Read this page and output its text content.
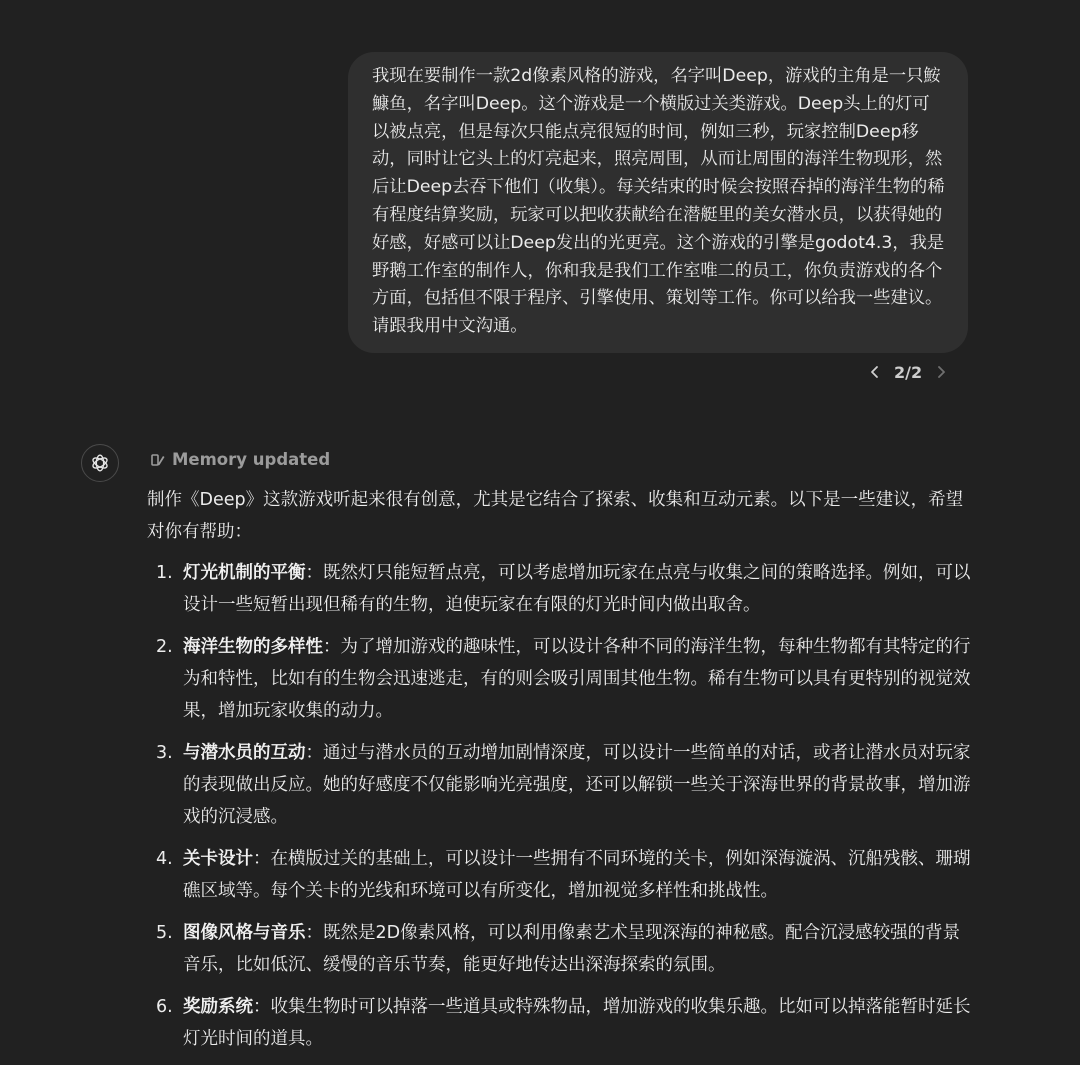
我现在要制作一款2d像素风格的游戏，名字叫Deep，游戏的主角是一只鮟鱇鱼，名字叫Deep。这个游戏是一个横版过关类游戏。Deep头上的灯可以被点亮，但是每次只能点亮很短的时间，例如三秒，玩家控制Deep移动，同时让它头上的灯亮起来，照亮周围，从而让周围的海洋生物现形，然后让Deep去吞下他们（收集）。每关结束的时候会按照吞掉的海洋生物的稀有程度结算奖励，玩家可以把收获献给在潜艇里的美女潜水员，以获得她的好感，好感可以让Deep发出的光更亮。这个游戏的引擎是godot4.3，我是野鹅工作室的制作人，你和我是我们工作室唯二的员工，你负责游戏的各个方面，包括但不限于程序、引擎使用、策划等工作。你可以给我一些建议。请跟我用中文沟通。
2/2
Memory updated

制作《Deep》这款游戏听起来很有创意，尤其是它结合了探索、收集和互动元素。以下是一些建议，希望对你有帮助：

1. 灯光机制的平衡：既然灯只能短暂点亮，可以考虑增加玩家在点亮与收集之间的策略选择。例如，可以设计一些短暂出现但稀有的生物，迫使玩家在有限的灯光时间内做出取舍。
2. 海洋生物的多样性：为了增加游戏的趣味性，可以设计各种不同的海洋生物，每种生物都有其特定的行为和特性，比如有的生物会迅速逃走，有的则会吸引周围其他生物。稀有生物可以具有更特别的视觉效果，增加玩家收集的动力。
3. 与潜水员的互动：通过与潜水员的互动增加剧情深度，可以设计一些简单的对话，或者让潜水员对玩家的表现做出反应。她的好感度不仅能影响光亮强度，还可以解锁一些关于深海世界的背景故事，增加游戏的沉浸感。
4. 关卡设计：在横版过关的基础上，可以设计一些拥有不同环境的关卡，例如深海漩涡、沉船残骸、珊瑚礁区域等。每个关卡的光线和环境可以有所变化，增加视觉多样性和挑战性。
5. 图像风格与音乐：既然是2D像素风格，可以利用像素艺术呈现深海的神秘感。配合沉浸感较强的背景音乐，比如低沉、缓慢的音乐节奏，能更好地传达出深海探索的氛围。
6. 奖励系统：收集生物时可以掉落一些道具或特殊物品，增加游戏的收集乐趣。比如可以掉落能暂时延长灯光时间的道具。
